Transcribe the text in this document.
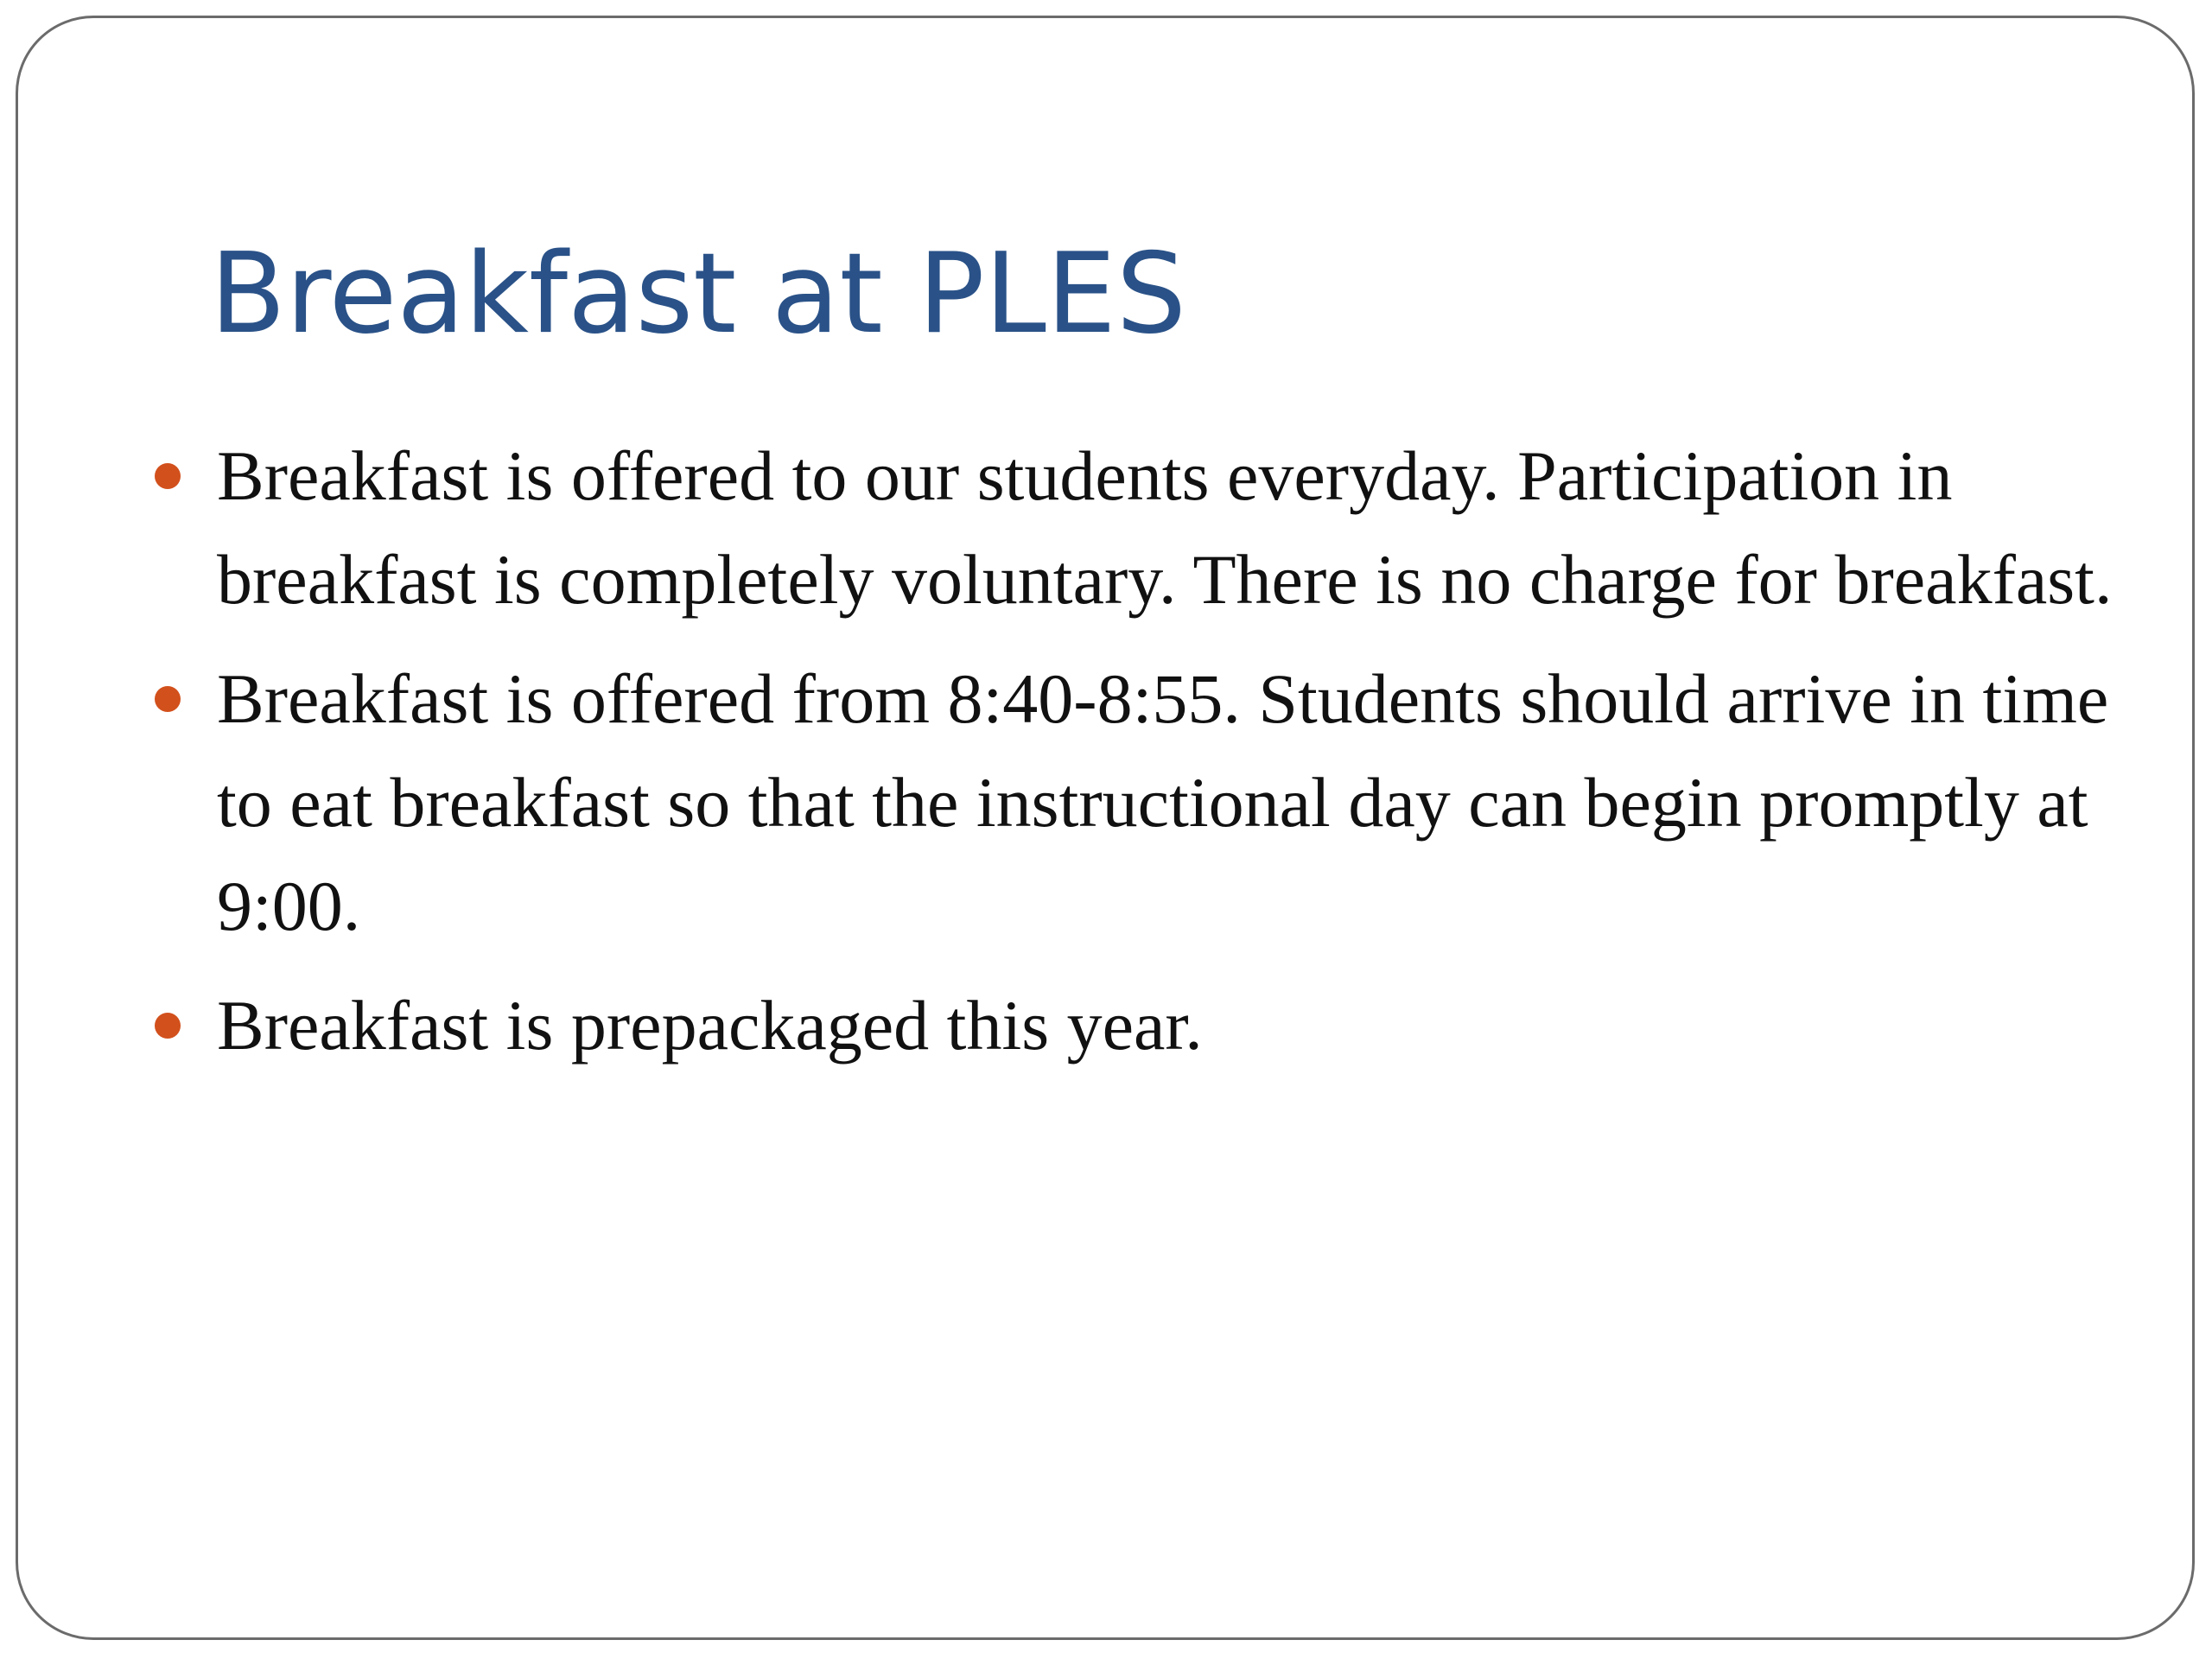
Breakfast at PLES
Breakfast is offered to our students everyday. Participation in breakfast is completely voluntary. There is no charge for breakfast.
Breakfast is offered from 8:40-8:55. Students should arrive in time to eat breakfast so that the instructional day can begin promptly at 9:00.
Breakfast is prepackaged this year.
